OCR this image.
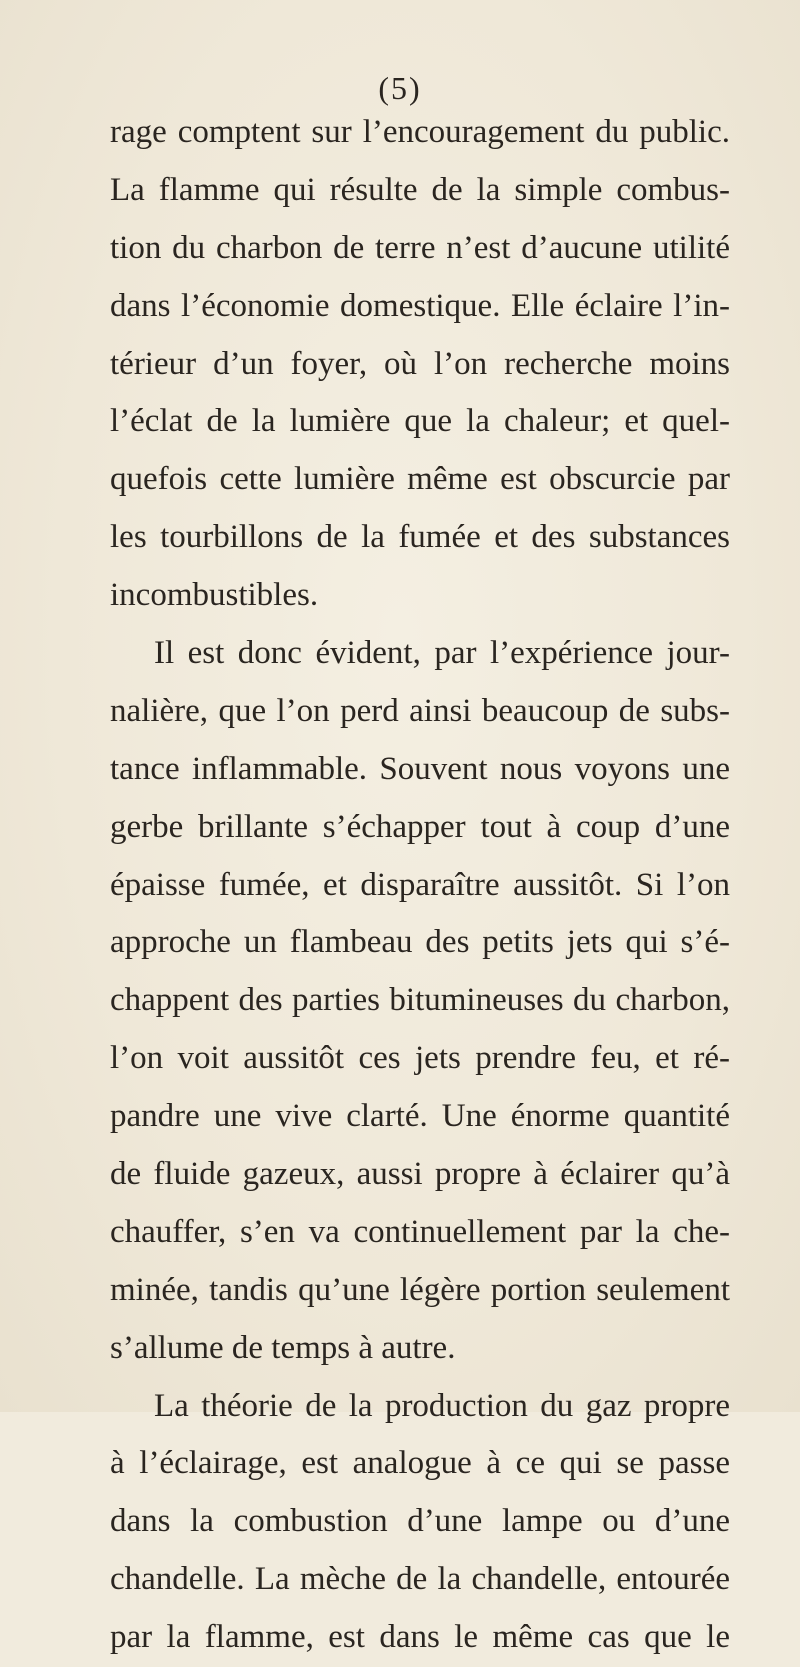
(5)
rage comptent sur l’encouragement du public.
La flamme qui résulte de la simple combus-
tion du charbon de terre n’est d’aucune utilité
dans l’économie domestique. Elle éclaire l’in-
térieur d’un foyer, où l’on recherche moins
l’éclat de la lumière que la chaleur; et quel-
quefois cette lumière même est obscurcie par
les tourbillons de la fumée et des substances
incombustibles.
Il est donc évident, par l’expérience jour-
nalière, que l’on perd ainsi beaucoup de subs-
tance inflammable. Souvent nous voyons une
gerbe brillante s’échapper tout à coup d’une
épaisse fumée, et disparaître aussitôt. Si l’on
approche un flambeau des petits jets qui s’é-
chappent des parties bitumineuses du charbon,
l’on voit aussitôt ces jets prendre feu, et ré-
pandre une vive clarté. Une énorme quantité
de fluide gazeux, aussi propre à éclairer qu’à
chauffer, s’en va continuellement par la che-
minée, tandis qu’une légère portion seulement
s’allume de temps à autre.
La théorie de la production du gaz propre
à l’éclairage, est analogue à ce qui se passe
dans la combustion d’une lampe ou d’une
chandelle. La mèche de la chandelle, entourée
par la flamme, est dans le même cas que le
